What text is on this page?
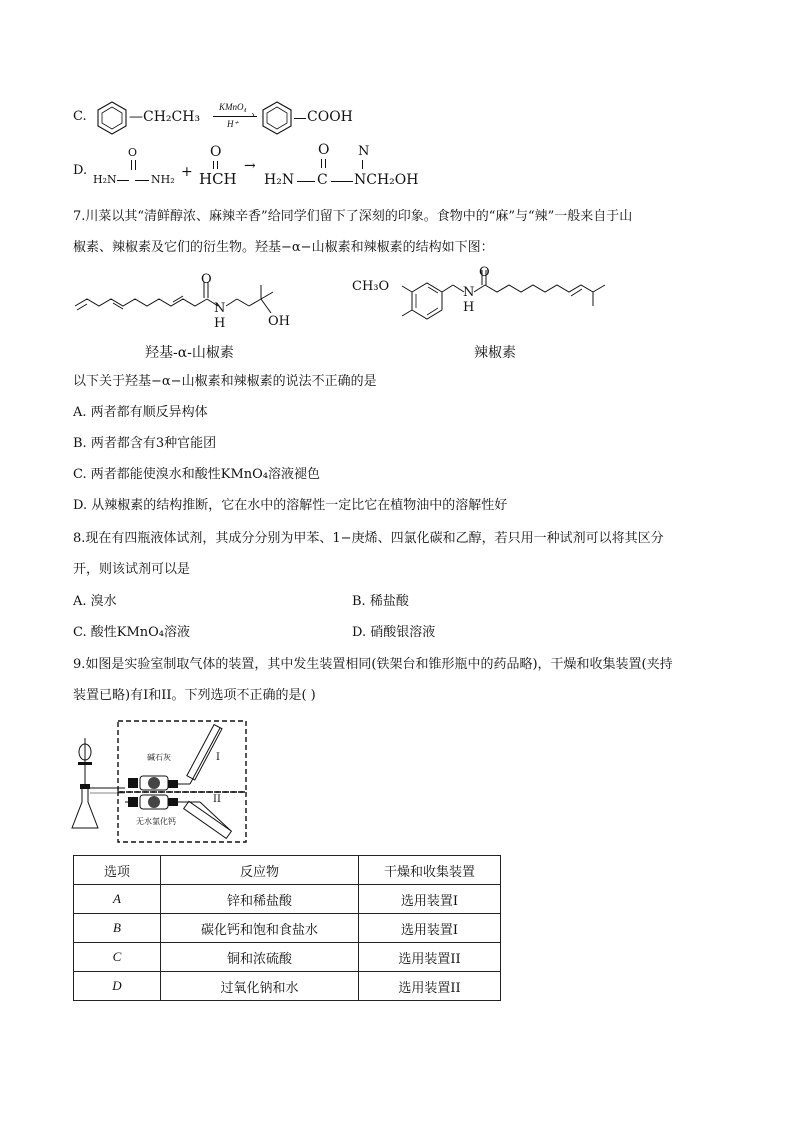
C.	—CH₂CH₃
KMnO₄
›
H⁺	COOH
D.
O
H₂N	NH₂ +
O
HCH
→
O N
H₂N C NCH₂OH
7.川菜以其“清鲜醇浓、麻辣辛香”给同学们留下了深刻的印象。食物中的“麻”与“辣”一般来自于山
椒素、辣椒素及它们的衍生物。羟基−α−山椒素和辣椒素的结构如下图：
O
N
H	OH
羟基-α-山椒素
CH₃O
O
N
H
辣椒素
以下关于羟基−α−山椒素和辣椒素的说法不正确的是
A. 两者都有顺反异构体
B. 两者都含有3种官能团
C. 两者都能使溴水和酸性KMnO₄溶液褪色
D. 从辣椒素的结构推断，它在水中的溶解性一定比它在植物油中的溶解性好
8.现在有四瓶液体试剂，其成分分别为甲苯、1−庚烯、四氯化碳和乙醇，若只用一种试剂可以将其区分
开，则该试剂可以是
A. 溴水	B. 稀盐酸
C. 酸性KMnO₄溶液	D. 硝酸银溶液
9.如图是实验室制取气体的装置，其中发生装置相同(铁架台和锥形瓶中的药品略)，干燥和收集装置(夹持
装置已略)有I和II。下列选项不正确的是( )
碱石灰
无水氯化钙
I
II
选项	反应物	干燥和收集装置
A	锌和稀盐酸	选用装置I
B	碳化钙和饱和食盐水	选用装置I
C	铜和浓硫酸	选用装置II
D	过氧化钠和水	选用装置II
